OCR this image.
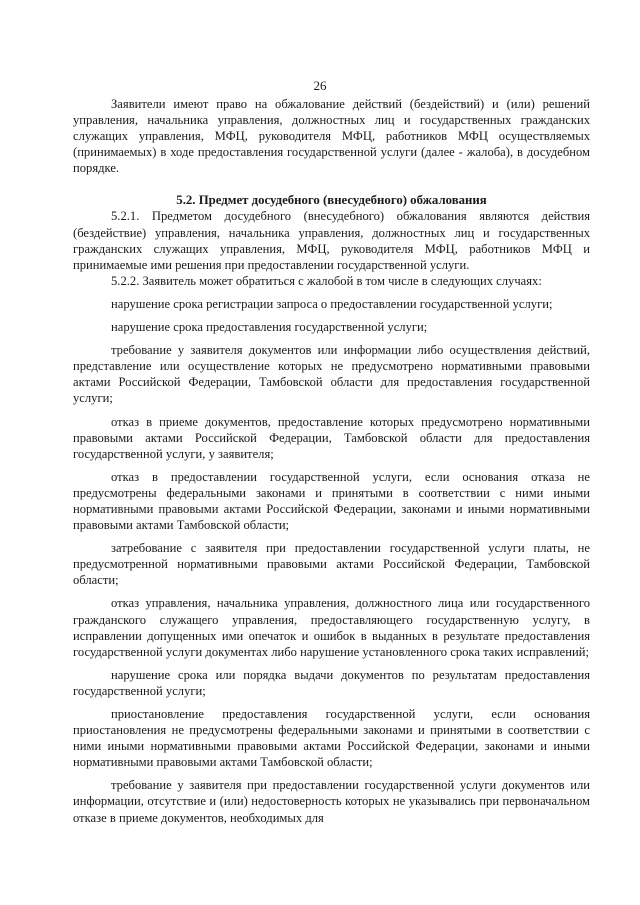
26

Заявители имеют право на обжалование действий (бездействий) и (или) решений управления, начальника управления, должностных лиц и государственных гражданских служащих управления, МФЦ, руководителя МФЦ, работников МФЦ осуществляемых (принимаемых) в ходе предоставления государственной услуги (далее - жалоба), в досудебном порядке.

5.2. Предмет досудебного (внесудебного) обжалования

5.2.1. Предметом досудебного (внесудебного) обжалования являются действия (бездействие) управления, начальника управления, должностных лиц и государственных гражданских служащих управления, МФЦ, руководителя МФЦ, работников МФЦ и принимаемые ими решения при предоставлении государственной услуги.

5.2.2. Заявитель может обратиться с жалобой в том числе в следующих случаях:

нарушение срока регистрации запроса о предоставлении государственной услуги;

нарушение срока предоставления государственной услуги;

требование у заявителя документов или информации либо осуществления действий, представление или осуществление которых не предусмотрено нормативными правовыми актами Российской Федерации, Тамбовской области для предоставления государственной услуги;

отказ в приеме документов, предоставление которых предусмотрено нормативными правовыми актами Российской Федерации, Тамбовской области для предоставления государственной услуги, у заявителя;

отказ в предоставлении государственной услуги, если основания отказа не предусмотрены федеральными законами и принятыми в соответствии с ними иными нормативными правовыми актами Российской Федерации, законами и иными нормативными правовыми актами Тамбовской области;

затребование с заявителя при предоставлении государственной услуги платы, не предусмотренной нормативными правовыми актами Российской Федерации, Тамбовской области;

отказ управления, начальника управления, должностного лица или государственного гражданского служащего управления, предоставляющего государственную услугу, в исправлении допущенных ими опечаток и ошибок в выданных в результате предоставления государственной услуги документах либо нарушение установленного срока таких исправлений;

нарушение срока или порядка выдачи документов по результатам предоставления государственной услуги;

приостановление предоставления государственной услуги, если основания приостановления не предусмотрены федеральными законами и принятыми в соответствии с ними иными нормативными правовыми актами Российской Федерации, законами и иными нормативными правовыми актами Тамбовской области;

требование у заявителя при предоставлении государственной услуги документов или информации, отсутствие и (или) недостоверность которых не указывались при первоначальном отказе в приеме документов, необходимых для
